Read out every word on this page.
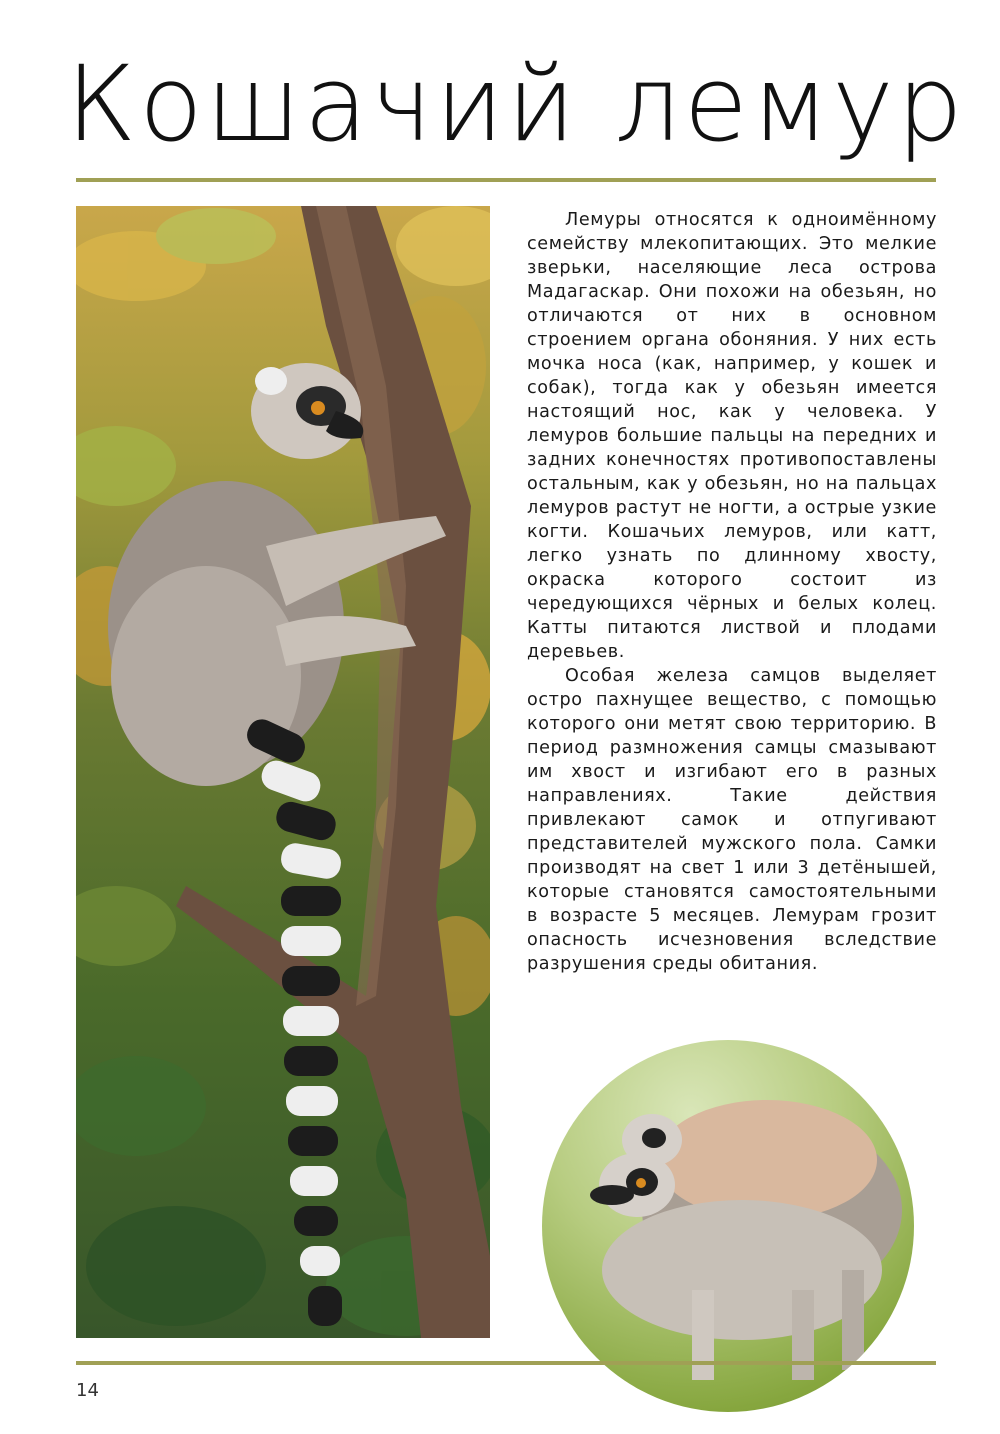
Кошачий лемур

Лемуры относятся к одноимённому семейству млекопитающих. Это мелкие зверьки, населяющие леса острова Мадагаскар. Они похожи на обезьян, но отличаются от них в основном строением органа обоняния. У них есть мочка носа (как, например, у кошек и собак), тогда как у обезьян имеется настоящий нос, как у человека. У лемуров большие пальцы на передних и задних конечностях противопоставлены остальным, как у обезьян, но на пальцах лемуров растут не ногти, а острые узкие когти. Кошачьих лемуров, или катт, легко узнать по длинному хвосту, окраска которого состоит из чередующихся чёрных и белых колец. Катты питаются листвой и плодами деревьев.

Особая железа самцов выделяет остро пахнущее вещество, с помощью которого они метят свою территорию. В период размножения самцы смазывают им хвост и изгибают его в разных направлениях. Такие действия привлекают самок и отпугивают представителей мужского пола. Самки производят на свет 1 или 3 детёнышей, которые становятся самостоятельными в возрасте 5 месяцев. Лемурам грозит опасность исчезновения вследствие разрушения среды обитания.

14
